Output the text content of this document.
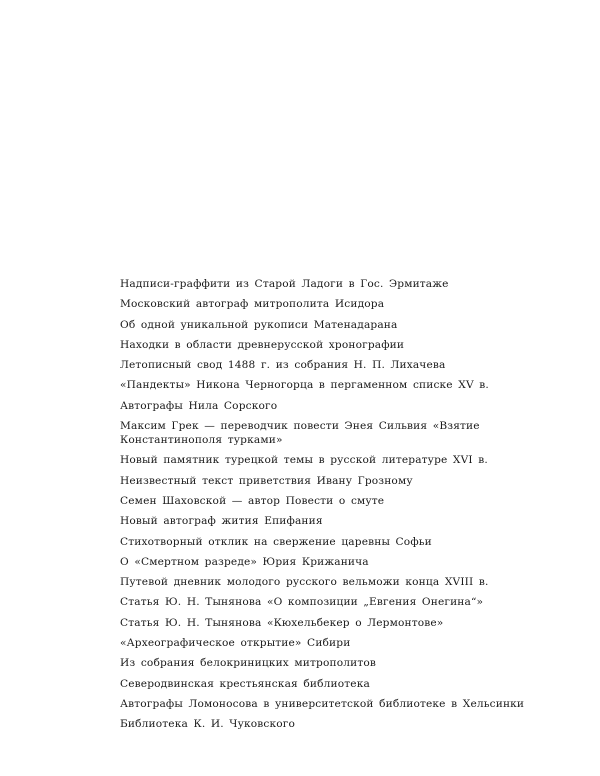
Надписи-граффити из Старой Ладоги в Гос. Эрмитаже
Московский автограф митрополита Исидора
Об одной уникальной рукописи Матенадарана
Находки в области древнерусской хронографии
Летописный свод 1488 г. из собрания Н. П. Лихачева
«Пандекты» Никона Черногорца в пергаменном списке XV в.
Автографы Нила Сорского
Максим Грек — переводчик повести Энея Сильвия «Взятие
Константинополя турками»
Новый памятник турецкой темы в русской литературе XVI в.
Неизвестный текст приветствия Ивану Грозному
Семен Шаховской — автор Повести о смуте
Новый автограф жития Епифания
Стихотворный отклик на свержение царевны Софьи
О «Смертном разреде» Юрия Крижанича
Путевой дневник молодого русского вельможи конца XVIII в.
Статья Ю. Н. Тынянова «О композиции „Евгения Онегина“»
Статья Ю. Н. Тынянова «Кюхельбекер о Лермонтове»
«Археографическое открытие» Сибири
Из собрания белокриницких митрополитов
Северодвинская крестьянская библиотека
Автографы Ломоносова в университетской библиотеке в Хельсинки
Библиотека К. И. Чуковского
